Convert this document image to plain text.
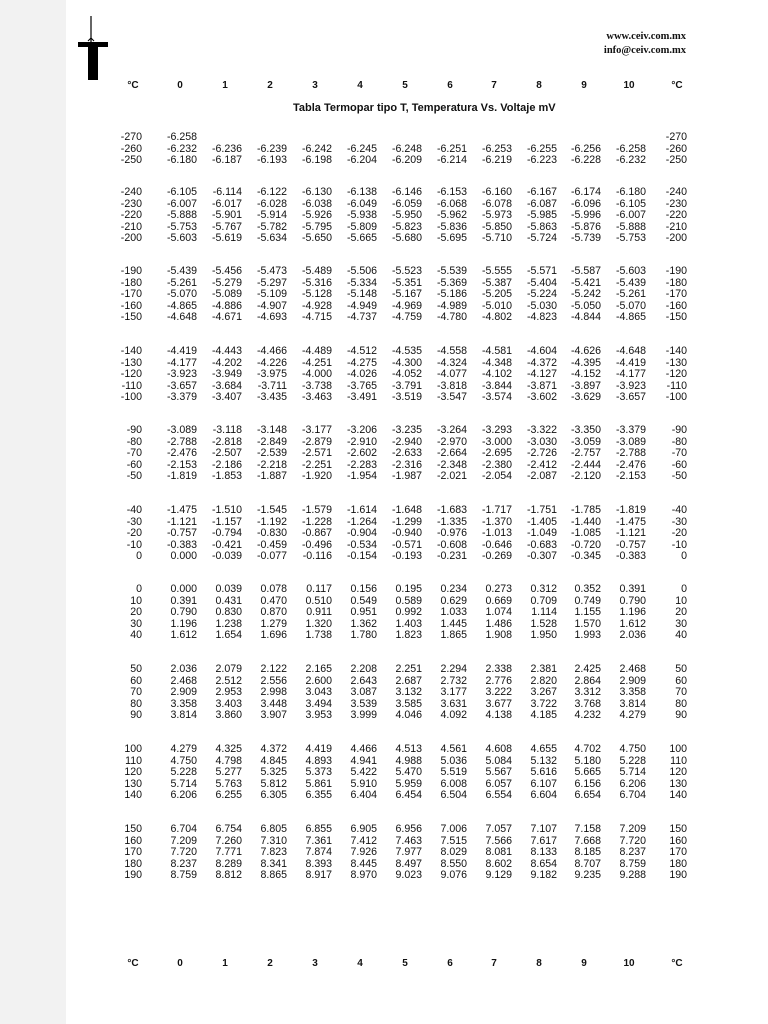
www.ceiv.com.mx
info@ceiv.com.mx
°C	0	1	2	3	4	5	6	7	8	9	10	°C
Tabla Termopar tipo T, Temperatura Vs. Voltaje mV
-270	-6.258	-270
-260	-6.232	-6.236	-6.239	-6.242	-6.245	-6.248	-6.251	-6.253	-6.255	-6.256	-6.258	-260
-250	-6.180	-6.187	-6.193	-6.198	-6.204	-6.209	-6.214	-6.219	-6.223	-6.228	-6.232	-250
-240	-6.105	-6.114	-6.122	-6.130	-6.138	-6.146	-6.153	-6.160	-6.167	-6.174	-6.180	-240
-230	-6.007	-6.017	-6.028	-6.038	-6.049	-6.059	-6.068	-6.078	-6.087	-6.096	-6.105	-230
-220	-5.888	-5.901	-5.914	-5.926	-5.938	-5.950	-5.962	-5.973	-5.985	-5.996	-6.007	-220
-210	-5.753	-5.767	-5.782	-5.795	-5.809	-5.823	-5.836	-5.850	-5.863	-5.876	-5.888	-210
-200	-5.603	-5.619	-5.634	-5.650	-5.665	-5.680	-5.695	-5.710	-5.724	-5.739	-5.753	-200
-190	-5.439	-5.456	-5.473	-5.489	-5.506	-5.523	-5.539	-5.555	-5.571	-5.587	-5.603	-190
-180	-5.261	-5.279	-5.297	-5.316	-5.334	-5.351	-5.369	-5.387	-5.404	-5.421	-5.439	-180
-170	-5.070	-5.089	-5.109	-5.128	-5.148	-5.167	-5.186	-5.205	-5.224	-5.242	-5.261	-170
-160	-4.865	-4.886	-4.907	-4.928	-4.949	-4.969	-4.989	-5.010	-5.030	-5.050	-5.070	-160
-150	-4.648	-4.671	-4.693	-4.715	-4.737	-4.759	-4.780	-4.802	-4.823	-4.844	-4.865	-150
-140	-4.419	-4.443	-4.466	-4.489	-4.512	-4.535	-4.558	-4.581	-4.604	-4.626	-4.648	-140
-130	-4.177	-4.202	-4.226	-4.251	-4.275	-4.300	-4.324	-4.348	-4.372	-4.395	-4.419	-130
-120	-3.923	-3.949	-3.975	-4.000	-4.026	-4.052	-4.077	-4.102	-4.127	-4.152	-4.177	-120
-110	-3.657	-3.684	-3.711	-3.738	-3.765	-3.791	-3.818	-3.844	-3.871	-3.897	-3.923	-110
-100	-3.379	-3.407	-3.435	-3.463	-3.491	-3.519	-3.547	-3.574	-3.602	-3.629	-3.657	-100
-90	-3.089	-3.118	-3.148	-3.177	-3.206	-3.235	-3.264	-3.293	-3.322	-3.350	-3.379	-90
-80	-2.788	-2.818	-2.849	-2.879	-2.910	-2.940	-2.970	-3.000	-3.030	-3.059	-3.089	-80
-70	-2.476	-2.507	-2.539	-2.571	-2.602	-2.633	-2.664	-2.695	-2.726	-2.757	-2.788	-70
-60	-2.153	-2.186	-2.218	-2.251	-2.283	-2.316	-2.348	-2.380	-2.412	-2.444	-2.476	-60
-50	-1.819	-1.853	-1.887	-1.920	-1.954	-1.987	-2.021	-2.054	-2.087	-2.120	-2.153	-50
-40	-1.475	-1.510	-1.545	-1.579	-1.614	-1.648	-1.683	-1.717	-1.751	-1.785	-1.819	-40
-30	-1.121	-1.157	-1.192	-1.228	-1.264	-1.299	-1.335	-1.370	-1.405	-1.440	-1.475	-30
-20	-0.757	-0.794	-0.830	-0.867	-0.904	-0.940	-0.976	-1.013	-1.049	-1.085	-1.121	-20
-10	-0.383	-0.421	-0.459	-0.496	-0.534	-0.571	-0.608	-0.646	-0.683	-0.720	-0.757	-10
0	0.000	-0.039	-0.077	-0.116	-0.154	-0.193	-0.231	-0.269	-0.307	-0.345	-0.383	0
0	0.000	0.039	0.078	0.117	0.156	0.195	0.234	0.273	0.312	0.352	0.391	0
10	0.391	0.431	0.470	0.510	0.549	0.589	0.629	0.669	0.709	0.749	0.790	10
20	0.790	0.830	0.870	0.911	0.951	0.992	1.033	1.074	1.114	1.155	1.196	20
30	1.196	1.238	1.279	1.320	1.362	1.403	1.445	1.486	1.528	1.570	1.612	30
40	1.612	1.654	1.696	1.738	1.780	1.823	1.865	1.908	1.950	1.993	2.036	40
50	2.036	2.079	2.122	2.165	2.208	2.251	2.294	2.338	2.381	2.425	2.468	50
60	2.468	2.512	2.556	2.600	2.643	2.687	2.732	2.776	2.820	2.864	2.909	60
70	2.909	2.953	2.998	3.043	3.087	3.132	3.177	3.222	3.267	3.312	3.358	70
80	3.358	3.403	3.448	3.494	3.539	3.585	3.631	3.677	3.722	3.768	3.814	80
90	3.814	3.860	3.907	3.953	3.999	4.046	4.092	4.138	4.185	4.232	4.279	90
100	4.279	4.325	4.372	4.419	4.466	4.513	4.561	4.608	4.655	4.702	4.750	100
110	4.750	4.798	4.845	4.893	4.941	4.988	5.036	5.084	5.132	5.180	5.228	110
120	5.228	5.277	5.325	5.373	5.422	5.470	5.519	5.567	5.616	5.665	5.714	120
130	5.714	5.763	5.812	5.861	5.910	5.959	6.008	6.057	6.107	6.156	6.206	130
140	6.206	6.255	6.305	6.355	6.404	6.454	6.504	6.554	6.604	6.654	6.704	140
150	6.704	6.754	6.805	6.855	6.905	6.956	7.006	7.057	7.107	7.158	7.209	150
160	7.209	7.260	7.310	7.361	7.412	7.463	7.515	7.566	7.617	7.668	7.720	160
170	7.720	7.771	7.823	7.874	7.926	7.977	8.029	8.081	8.133	8.185	8.237	170
180	8.237	8.289	8.341	8.393	8.445	8.497	8.550	8.602	8.654	8.707	8.759	180
190	8.759	8.812	8.865	8.917	8.970	9.023	9.076	9.129	9.182	9.235	9.288	190
°C	0	1	2	3	4	5	6	7	8	9	10	°C
